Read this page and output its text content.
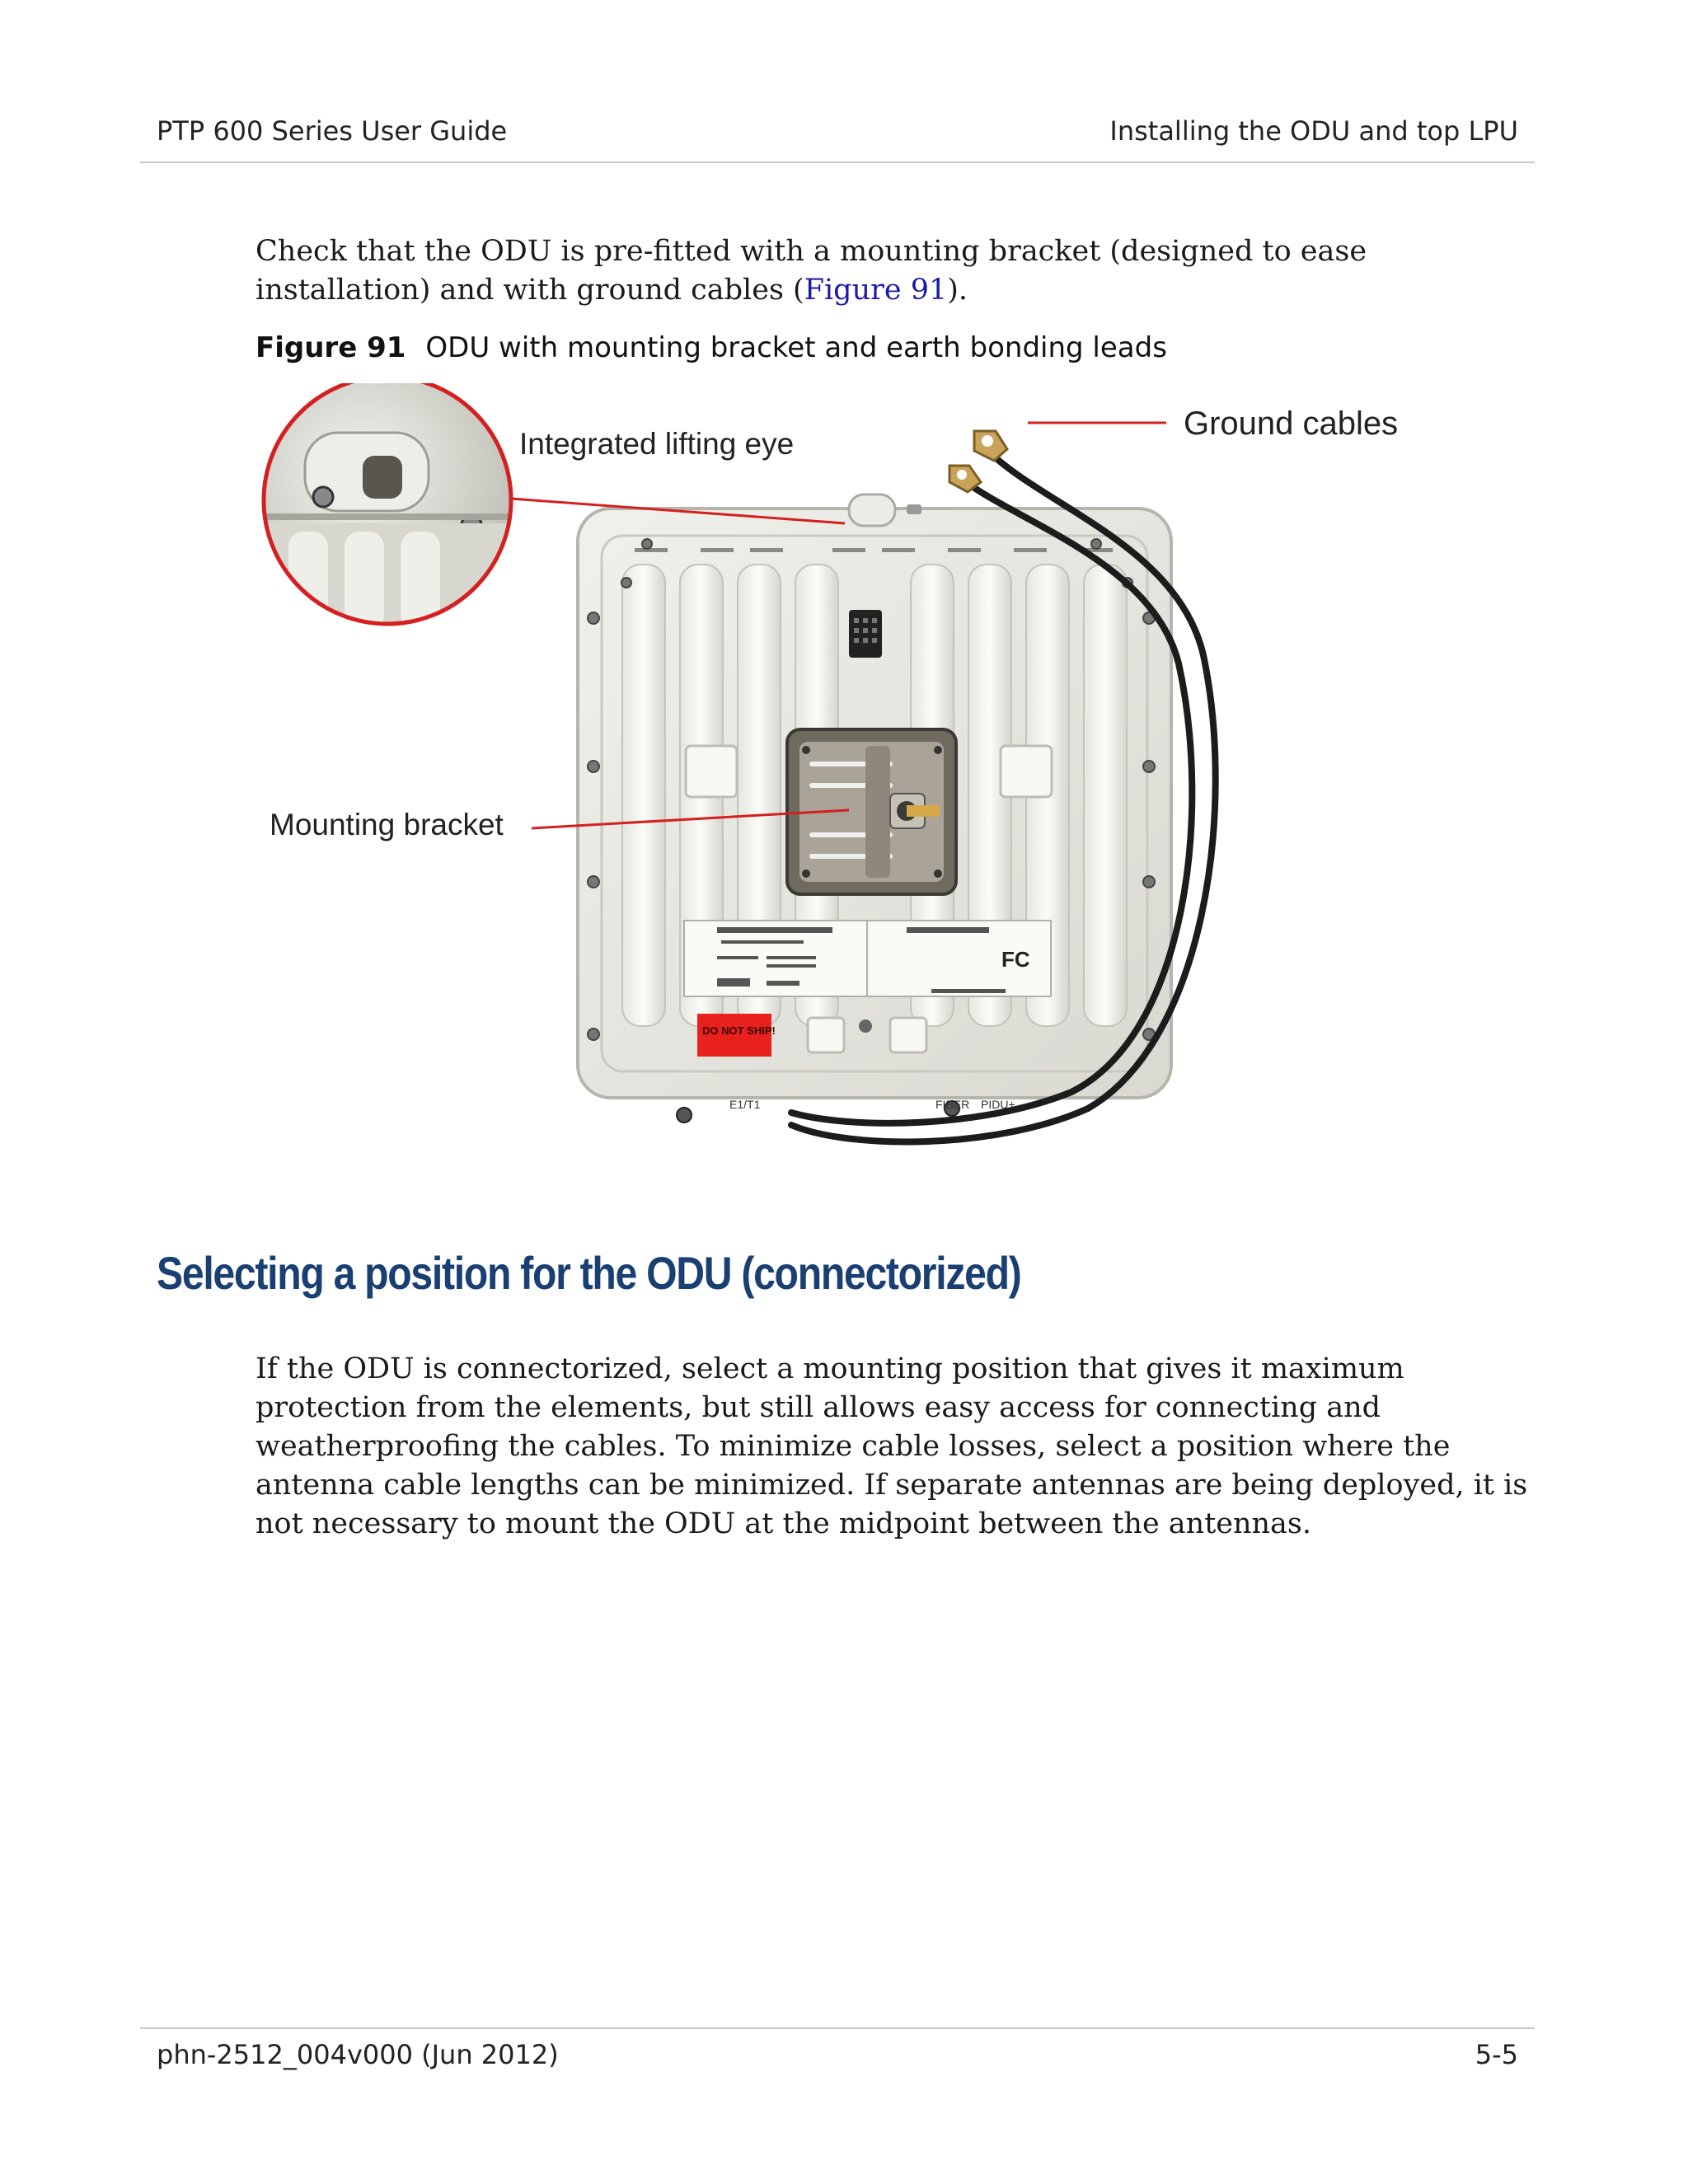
PTP 600 Series User Guide	Installing the ODU and top LPU
Check that the ODU is pre-fitted with a mounting bracket (designed to ease installation) and with ground cables (Figure 91).
Figure 91 ODU with mounting bracket and earth bonding leads
FC
DO NOT SHIP!
E1/T1	FIBER PIDU+
Integrated lifting eye
Ground cables
Mounting bracket
Selecting a position for the ODU (connectorized)
If the ODU is connectorized, select a mounting position that gives it maximum protection from the elements, but still allows easy access for connecting and weatherproofing the cables. To minimize cable losses, select a position where the antenna cable lengths can be minimized. If separate antennas are being deployed, it is not necessary to mount the ODU at the midpoint between the antennas.
phn-2512_004v000 (Jun 2012)	5-5
